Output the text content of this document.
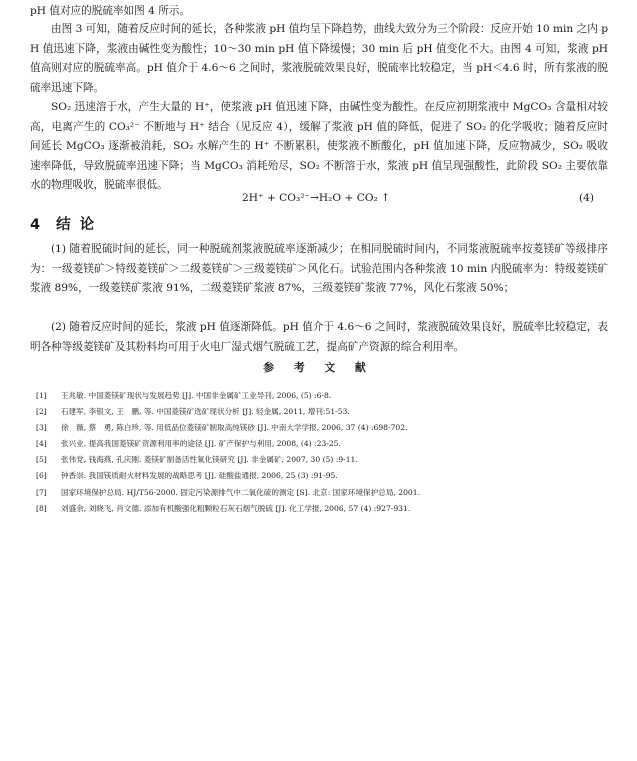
pH 值对应的脱硫率如图 4 所示。

由图 3 可知，随着反应时间的延长，各种浆液 pH 值均呈下降趋势，曲线大致分为三个阶段：反应开始 10 min 之内 pH 值迅速下降，浆液由碱性变为酸性；10～30 min pH 值下降缓慢；30 min 后 pH 值变化不大。由图 4 可知，浆液 pH 值高则对应的脱硫率高。pH 值介于 4.6～6 之间时，浆液脱硫效果良好，脱硫率比较稳定，当 pH＜4.6 时，所有浆液的脱硫率迅速下降。

SO₂ 迅速溶于水，产生大量的 H⁺，使浆液 pH 值迅速下降，由碱性变为酸性。在反应初期浆液中 MgCO₃ 含量相对较高，电离产生的 CO₃²⁻ 不断地与 H⁺ 结合（见反应 4），缓解了浆液 pH 值的降低，促进了 SO₂ 的化学吸收；随着反应时间延长 MgCO₃ 逐渐被消耗，SO₂ 水解产生的 H⁺ 不断累积，使浆液不断酸化，pH 值加速下降，反应物减少，SO₂ 吸收速率降低，导致脱硫率迅速下降；当 MgCO₃ 消耗殆尽，SO₂ 不断溶于水，浆液 pH 值呈现强酸性，此阶段 SO₂ 主要依靠水的物理吸收，脱硫率很低。

2H⁺ + CO₃²⁻→H₂O + CO₂ ↑	(4)
4 结 论

(1) 随着脱硫时间的延长，同一种脱硫剂浆液脱硫率逐渐减少；在相同脱硫时间内，不同浆液脱硫率按菱镁矿等级排序为：一级菱镁矿＞特级菱镁矿＞二级菱镁矿＞三级菱镁矿＞风化石。试验范围内各种浆液 10 min 内脱硫率为：特级菱镁矿浆液 89%，一级菱镁矿浆液 91%，二级菱镁矿浆液 87%，三级菱镁矿浆液 77%，风化石浆液 50%；

(2) 随着反应时间的延长，浆液 pH 值逐渐降低。pH 值介于 4.6～6 之间时，浆液脱硫效果良好，脱硫率比较稳定，表明各种等级菱镁矿及其粉料均可用于火电厂湿式烟气脱硫工艺，提高矿产资源的综合利用率。

参 考 文 献
[1]	王兆敏. 中国菱镁矿现状与发展趋势 [J]. 中国非金属矿工业导刊, 2006, (5) :6-8.
[2]	石建军, 李银文, 王　鹏, 等. 中国菱镁矿选矿现状分析 [J]. 轻金属, 2011, 增刊:51-53.
[3]	徐　薇, 蔡　勇, 陈白珍, 等. 用低品位菱镁矿制取高纯镁砂 [J]. 中南大学学报, 2006, 37 (4) :698-702.
[4]	张兴业. 提高我国菱镁矿资源利用率的途径 [J]. 矿产保护与利用, 2008, (4) :23-25.
[5]	张伟党, 钱海燕, 孔庆刚. 菱镁矿制备活性氧化镁研究 [J]. 非金属矿, 2007, 30 (5) :9-11.
[6]	钟香崇. 我国镁质耐火材料发展的战略思考 [J]. 硅酸盐通报, 2006, 25 (3) :91-95.
[7]	国家环境保护总局. HJ/T56-2000. 固定污染源排气中二氧化硫的测定 [S]. 北京: 国家环境保护总局, 2001.
[8]	刘盛余, 刘晓飞, 肖文德. 添加有机酸强化粗颗粒石灰石烟气脱硫 [J]. 化工学报, 2006, 57 (4) :927-931.
